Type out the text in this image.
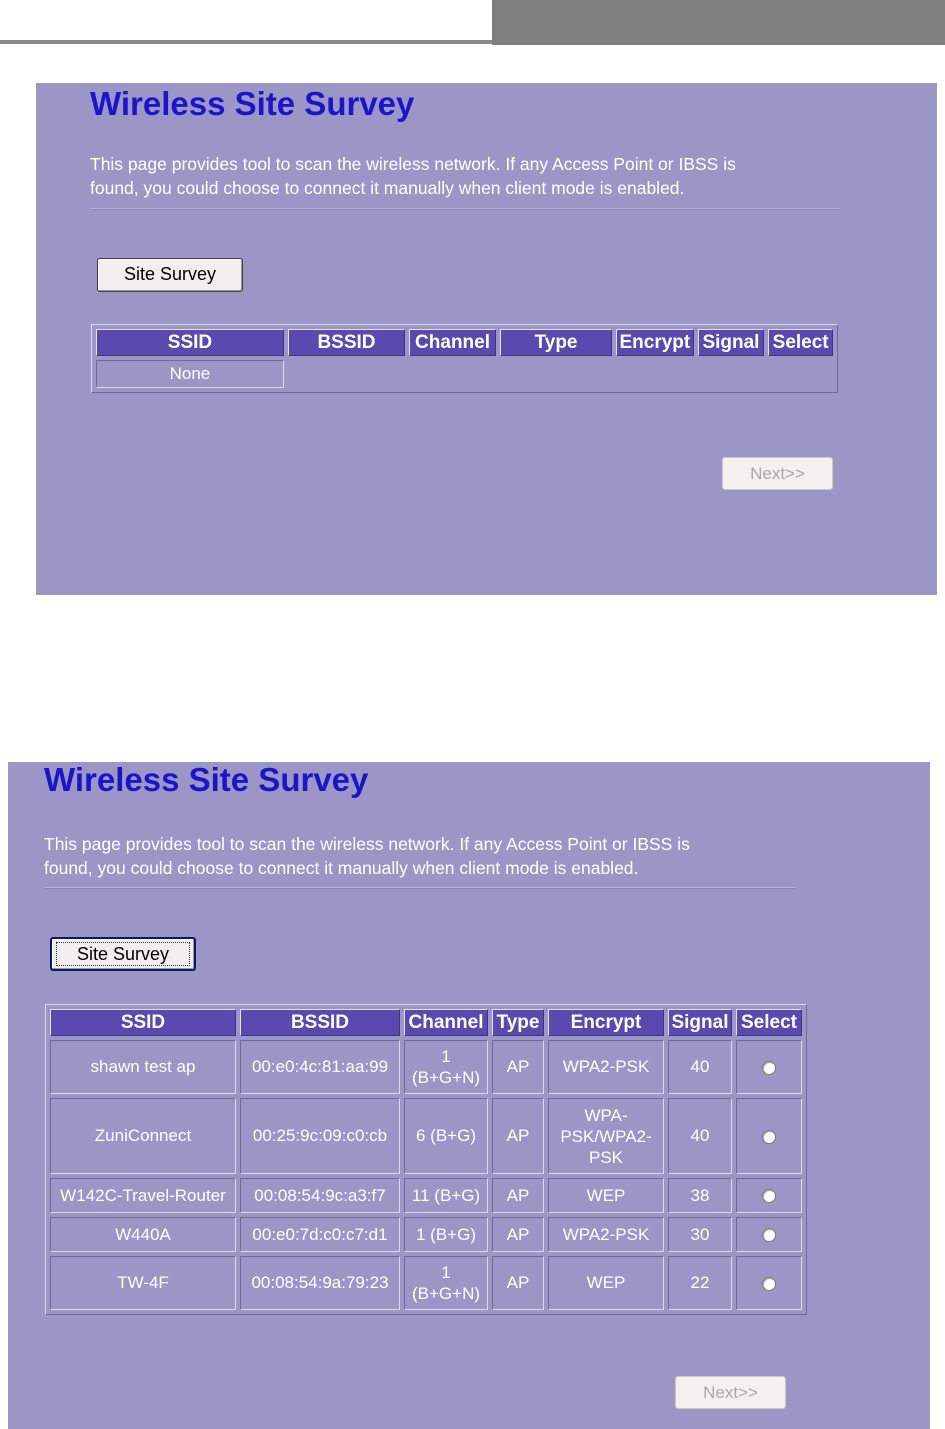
Wireless Site Survey
This page provides tool to scan the wireless network. If any Access Point or IBSS is
found, you could choose to connect it manually when client mode is enabled.
Site Survey
SSID	BSSID	Channel	Type	Encrypt	Signal	Select
None						
Next>>
Wireless Site Survey
This page provides tool to scan the wireless network. If any Access Point or IBSS is
found, you could choose to connect it manually when client mode is enabled.
Site Survey
SSID	BSSID	Channel	Type	Encrypt	Signal	Select
shawn test ap	00:e0:4c:81:aa:99	1
(B+G+N)	AP	WPA2-PSK	40	
ZuniConnect	00:25:9c:09:c0:cb	6 (B+G)	AP	WPA-
PSK/WPA2-
PSK	40	
W142C-Travel-Router	00:08:54:9c:a3:f7	11 (B+G)	AP	WEP	38	
W440A	00:e0:7d:c0:c7:d1	1 (B+G)	AP	WPA2-PSK	30	
TW-4F	00:08:54:9a:79:23	1
(B+G+N)	AP	WEP	22	
Next>>
